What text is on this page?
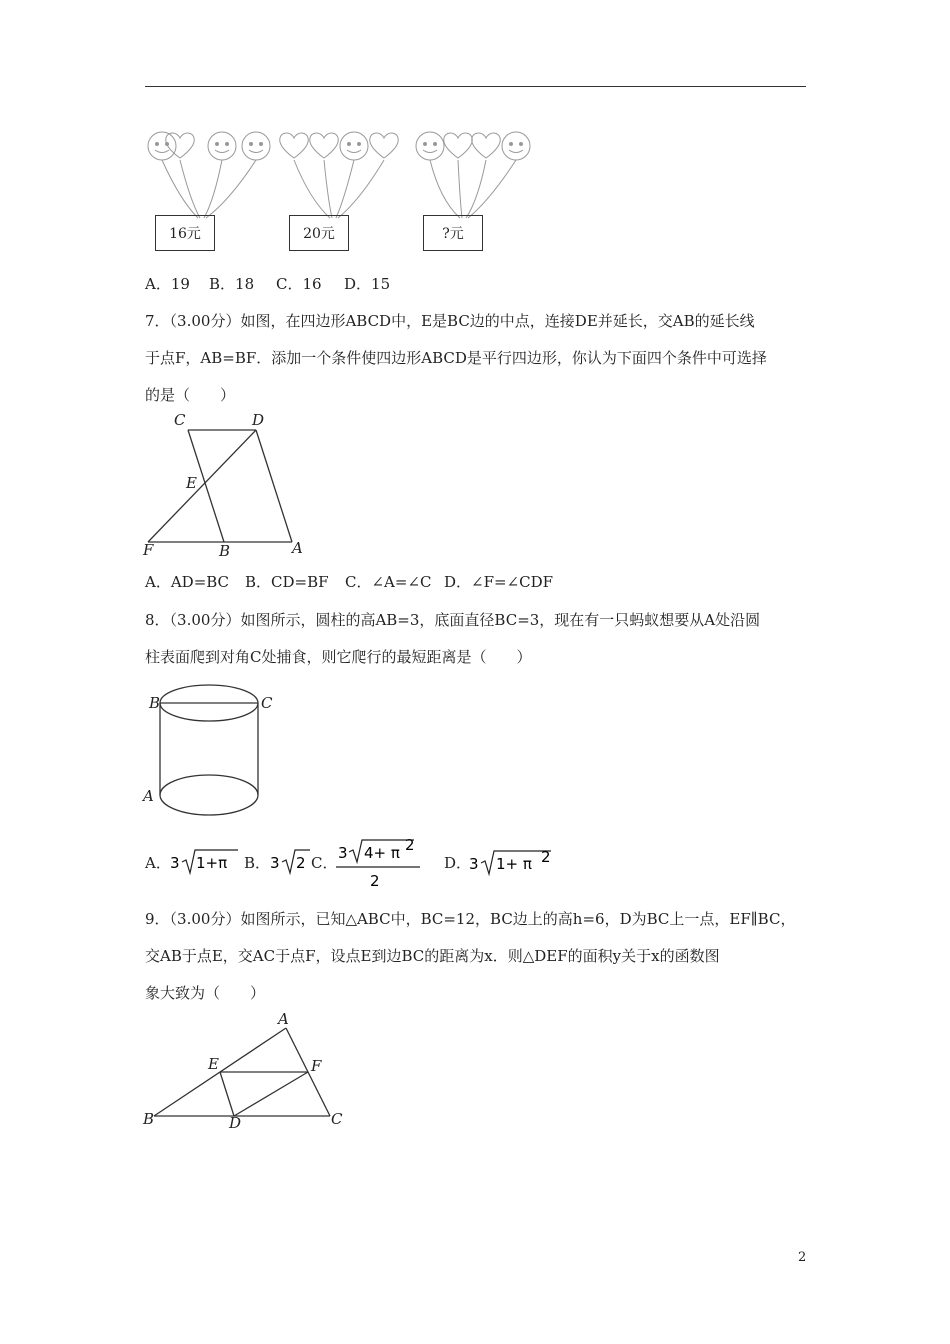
16元	20元	?元
A．19 B．18 C．16 D．15
7．（3.00分）如图，在四边形ABCD中，E是BC边的中点，连接DE并延长，交AB的延长线
于点F，AB=BF．添加一个条件使四边形ABCD是平行四边形，你认为下面四个条件中可选择
的是（　　）
C	D
E
F	B	A
A．AD=BC B．CD=BF C．∠A=∠C D．∠F=∠CDF
8．（3.00分）如图所示，圆柱的高AB=3，底面直径BC=3，现在有一只蚂蚁想要从A处沿圆
柱表面爬到对角C处捕食，则它爬行的最短距离是（　　）
B	C
A
A． 3 1+π B． 3 2 C．
3 4+ π 2
2
D．
3 1+ π 2
9．（3.00分）如图所示，已知△ABC中，BC=12，BC边上的高h=6，D为BC上一点，EF∥BC，
交AB于点E，交AC于点F，设点E到边BC的距离为x．则△DEF的面积y关于x的函数图
象大致为（　　）
A
E	F
B	D	C
2
